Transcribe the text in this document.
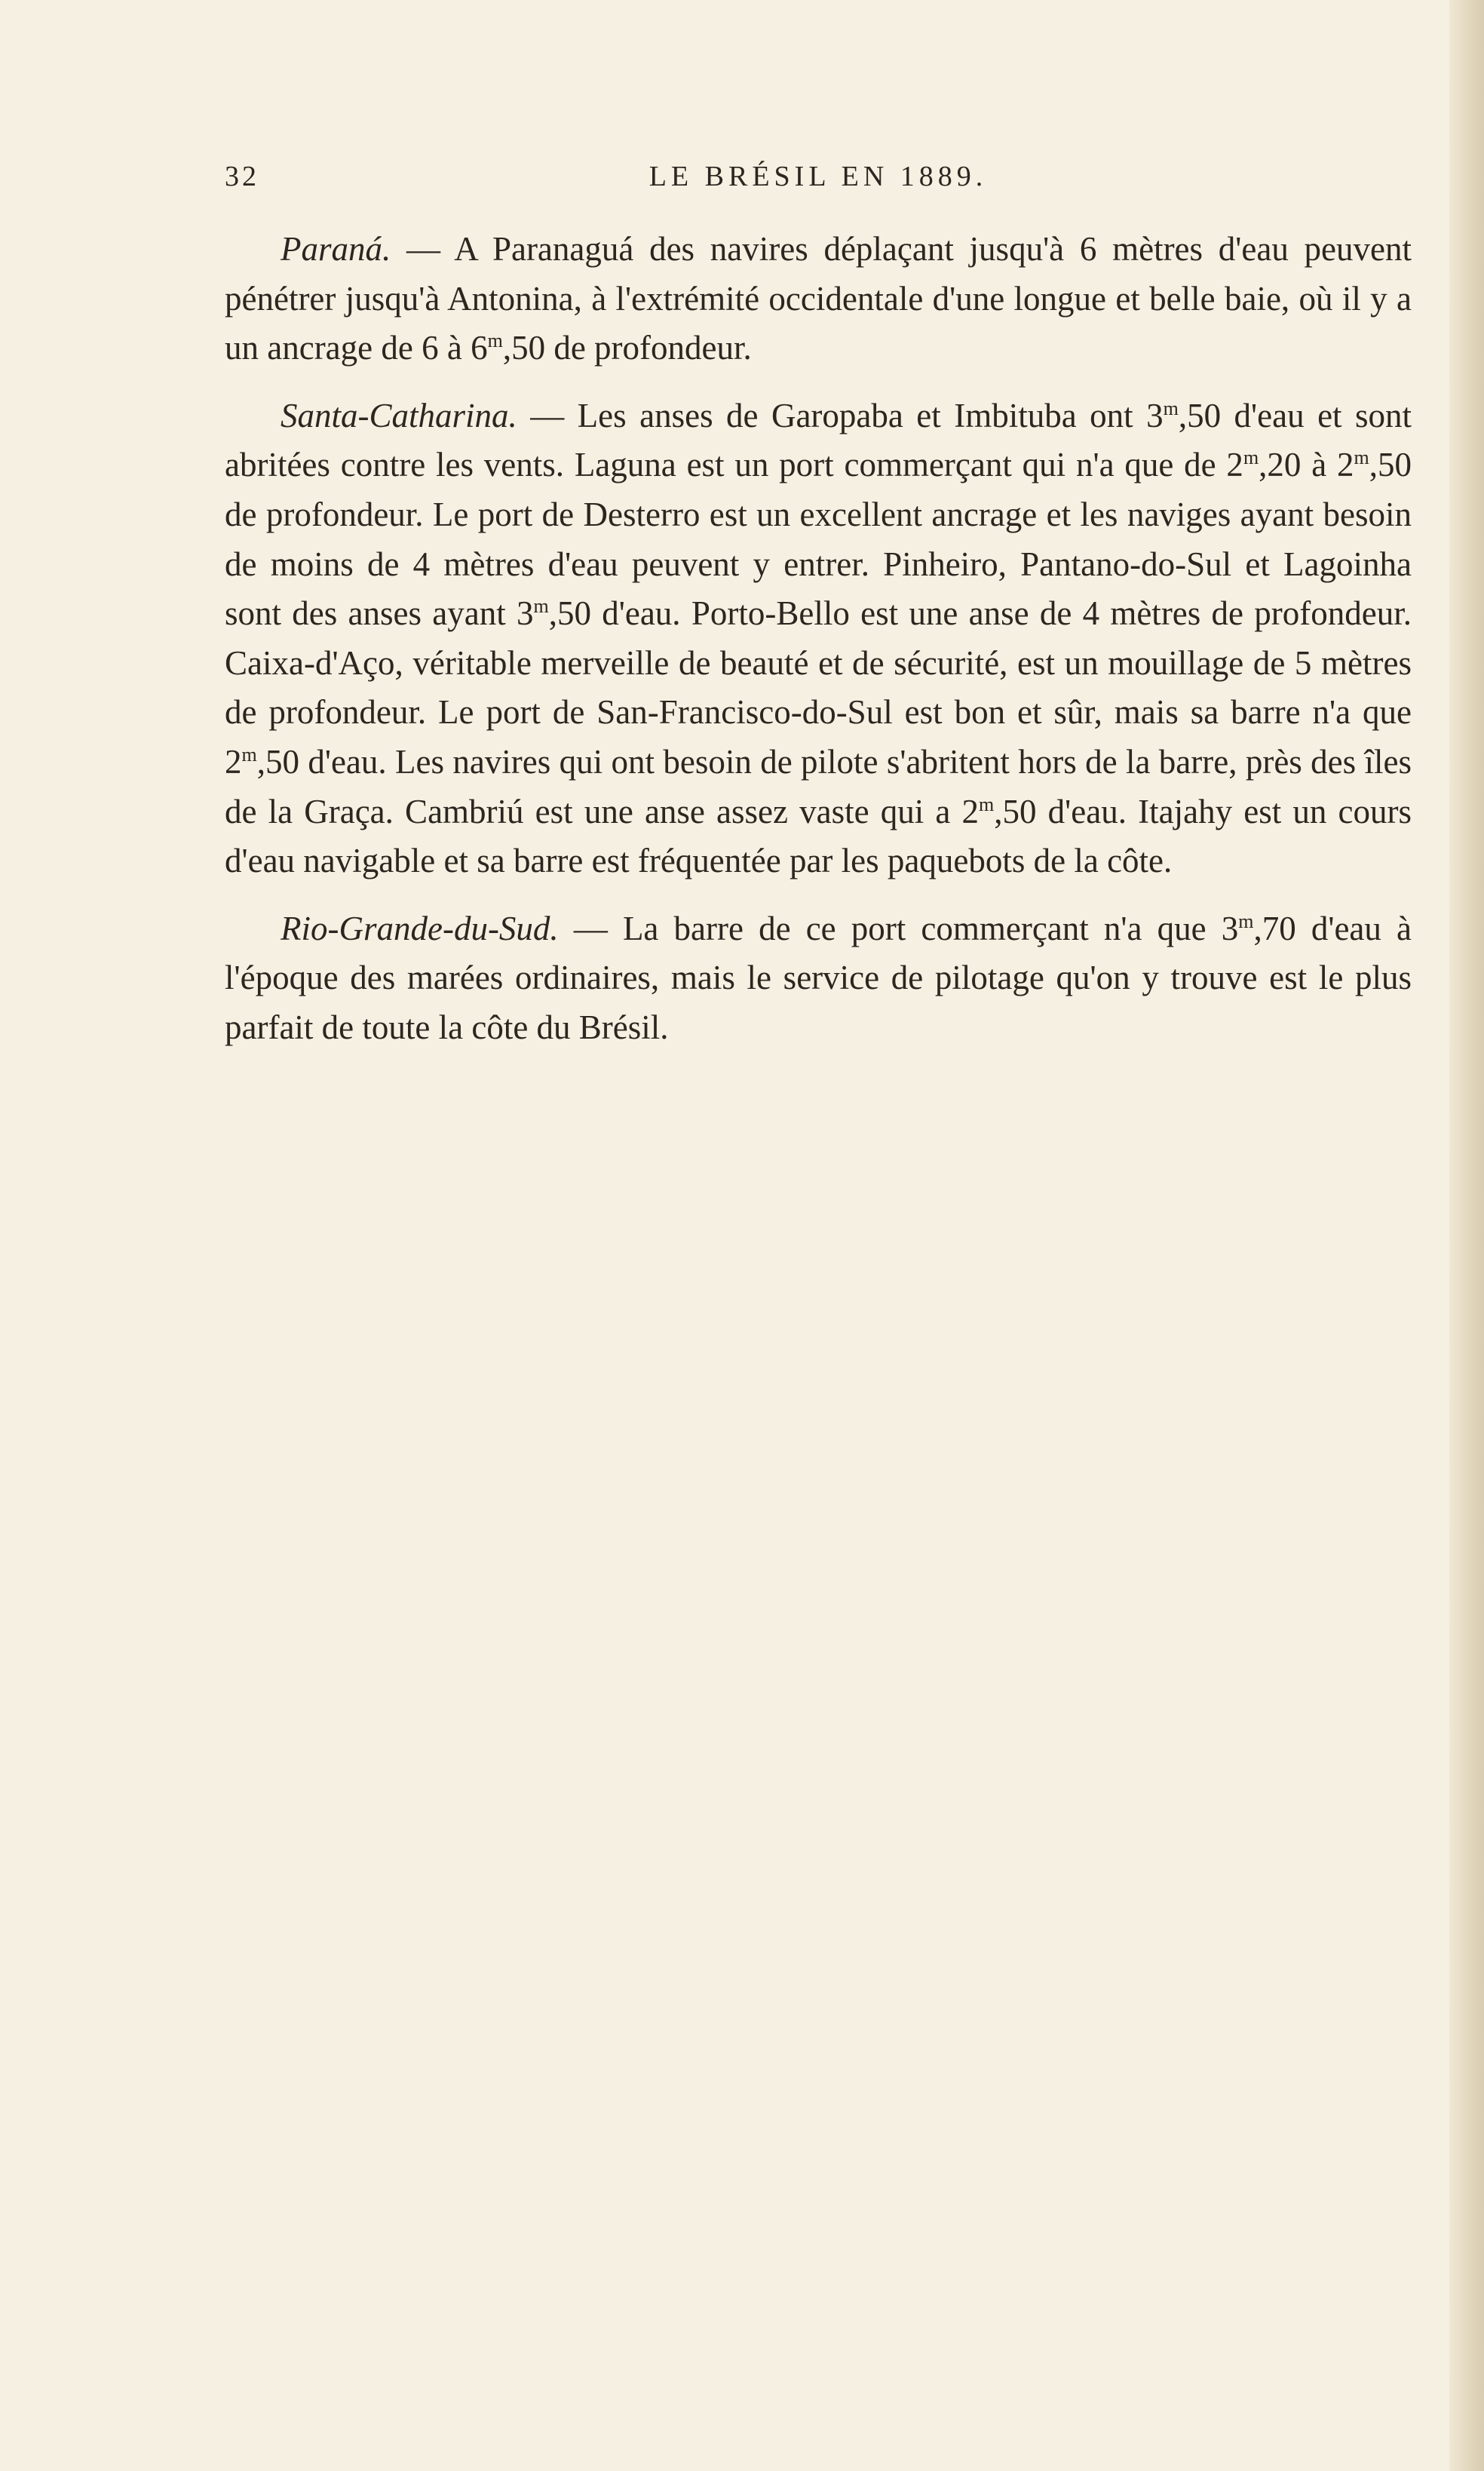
32	LE BRÉSIL EN 1889.

Paraná. — A Paranaguá des navires déplaçant jusqu'à 6 mètres d'eau peuvent pénétrer jusqu'à Antonina, à l'extrémité occidentale d'une longue et belle baie, où il y a un ancrage de 6 à 6$^m$,50 de profondeur.

Santa-Catharina. — Les anses de Garopaba et Imbituba ont 3$^m$,50 d'eau et sont abritées contre les vents. Laguna est un port commerçant qui n'a que de 2$^m$,20 à 2$^m$,50 de profondeur. Le port de Desterro est un excellent ancrage et les naviges ayant besoin de moins de 4 mètres d'eau peuvent y entrer. Pinheiro, Pantano-do-Sul et Lagoinha sont des anses ayant 3$^m$,50 d'eau. Porto-Bello est une anse de 4 mètres de profondeur. Caixa-d'Aço, véritable merveille de beauté et de sécurité, est un mouillage de 5 mètres de profondeur. Le port de San-Francisco-do-Sul est bon et sûr, mais sa barre n'a que 2$^m$,50 d'eau. Les navires qui ont besoin de pilote s'abritent hors de la barre, près des îles de la Graça. Cambriú est une anse assez vaste qui a 2$^m$,50 d'eau. Itajahy est un cours d'eau navigable et sa barre est fréquentée par les paquebots de la côte.

Rio-Grande-du-Sud. — La barre de ce port commerçant n'a que 3$^m$,70 d'eau à l'époque des marées ordinaires, mais le service de pilotage qu'on y trouve est le plus parfait de toute la côte du Brésil.
